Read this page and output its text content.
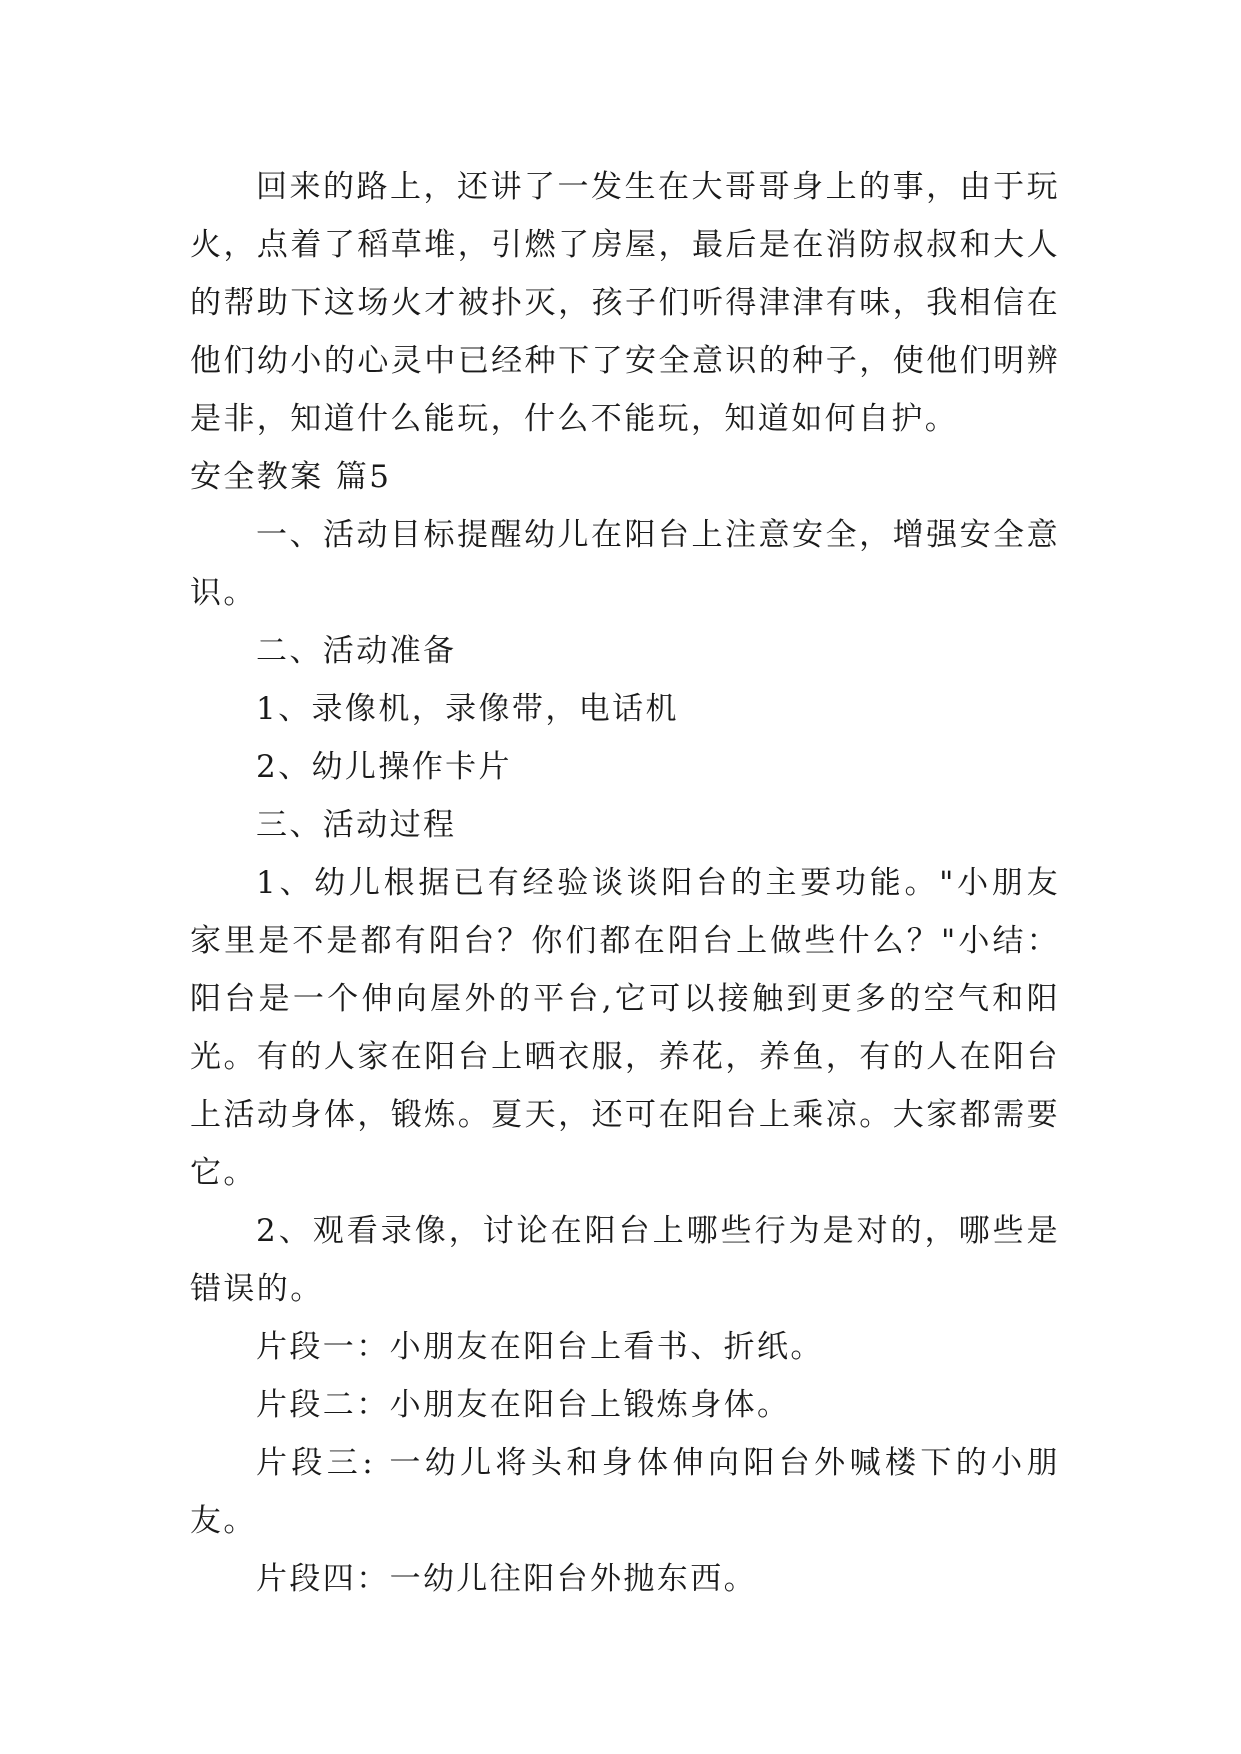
回来的路上，还讲了一发生在大哥哥身上的事，由于玩火，点着了稻草堆，引燃了房屋，最后是在消防叔叔和大人的帮助下这场火才被扑灭，孩子们听得津津有味，我相信在他们幼小的心灵中已经种下了安全意识的种子，使他们明辨是非，知道什么能玩，什么不能玩，知道如何自护。

安全教案 篇5

一、活动目标提醒幼儿在阳台上注意安全，增强安全意识。

二、活动准备

1、录像机，录像带，电话机

2、幼儿操作卡片

三、活动过程

1、幼儿根据已有经验谈谈阳台的主要功能。"小朋友家里是不是都有阳台？你们都在阳台上做些什么？"小结：阳台是一个伸向屋外的平台,它可以接触到更多的空气和阳光。有的人家在阳台上晒衣服，养花，养鱼，有的人在阳台上活动身体，锻炼。夏天，还可在阳台上乘凉。大家都需要它。

2、观看录像，讨论在阳台上哪些行为是对的，哪些是错误的。

片段一：小朋友在阳台上看书、折纸。

片段二：小朋友在阳台上锻炼身体。

片段三: 一幼儿将头和身体伸向阳台外喊楼下的小朋友。

片段四：一幼儿往阳台外抛东西。
